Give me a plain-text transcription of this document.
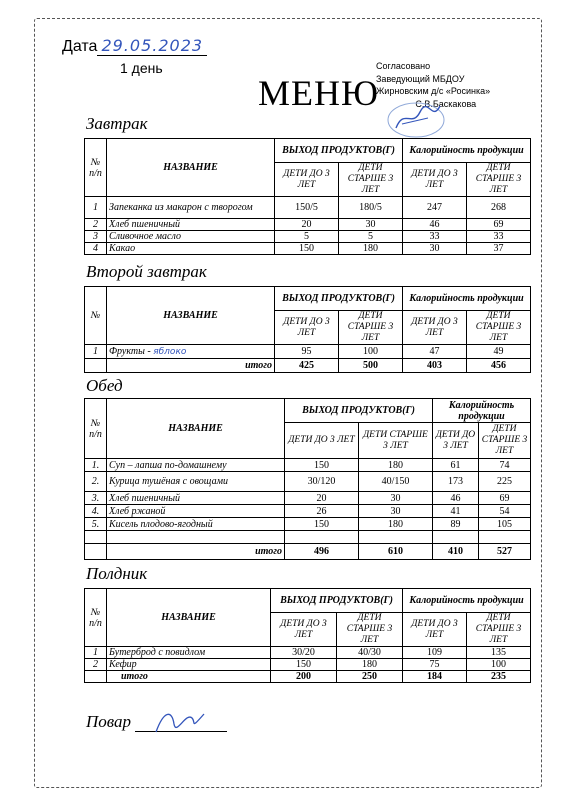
Дата 29.05.2023
1 день
МЕНЮ
Согласовано
Заведующий МБДОУ
Жирновским д/с «Росинка»
С.В.Баскакова
Завтрак
№ п/п	НАЗВАНИЕ	ВЫХОД ПРОДУКТОВ(Г)		Калорийность продукции	
		ДЕТИ ДО 3 ЛЕТ	ДЕТИ СТАРШЕ 3 ЛЕТ	ДЕТИ ДО 3 ЛЕТ	ДЕТИ СТАРШЕ 3 ЛЕТ
1	Запеканка из макарон с творогом	150/5	180/5	247	268
2	Хлеб пшеничный	20	30	46	69
3	Сливочное масло	5	5	33	33
4	Какао	150	180	30	37
Второй завтрак
№	НАЗВАНИЕ	ВЫХОД ПРОДУКТОВ(Г)		Калорийность продукции	
		ДЕТИ ДО 3 ЛЕТ	ДЕТИ СТАРШЕ 3 ЛЕТ	ДЕТИ ДО 3 ЛЕТ	ДЕТИ СТАРШЕ 3 ЛЕТ
1	Фрукты - яблоко	95	100	47	49
	итого	425	500	403	456
Обед
№ п/п	НАЗВАНИЕ	ВЫХОД ПРОДУКТОВ(Г)		Калорийность продукции	
		ДЕТИ ДО 3 ЛЕТ	ДЕТИ СТАРШЕ 3 ЛЕТ	ДЕТИ ДО 3 ЛЕТ	ДЕТИ СТАРШЕ 3 ЛЕТ
1.	Суп – лапша по-домашнему	150	180	61	74
2.	Курица тушёная с овощами	30/120	40/150	173	225
3.	Хлеб пшеничный	20	30	46	69
4.	Хлеб ржаной	26	30	41	54
5.	Кисель плодово-ягодный	150	180	89	105

	итого	496	610	410	527
Полдник
№ п/п	НАЗВАНИЕ	ВЫХОД ПРОДУКТОВ(Г)		Калорийность продукции	
		ДЕТИ ДО 3 ЛЕТ	ДЕТИ СТАРШЕ 3 ЛЕТ	ДЕТИ ДО 3 ЛЕТ	ДЕТИ СТАРШЕ 3 ЛЕТ
1	Бутерброд с повидлом	30/20	40/30	109	135
2	Кефир	150	180	75	100
	итого	200	250	184	235
Повар
